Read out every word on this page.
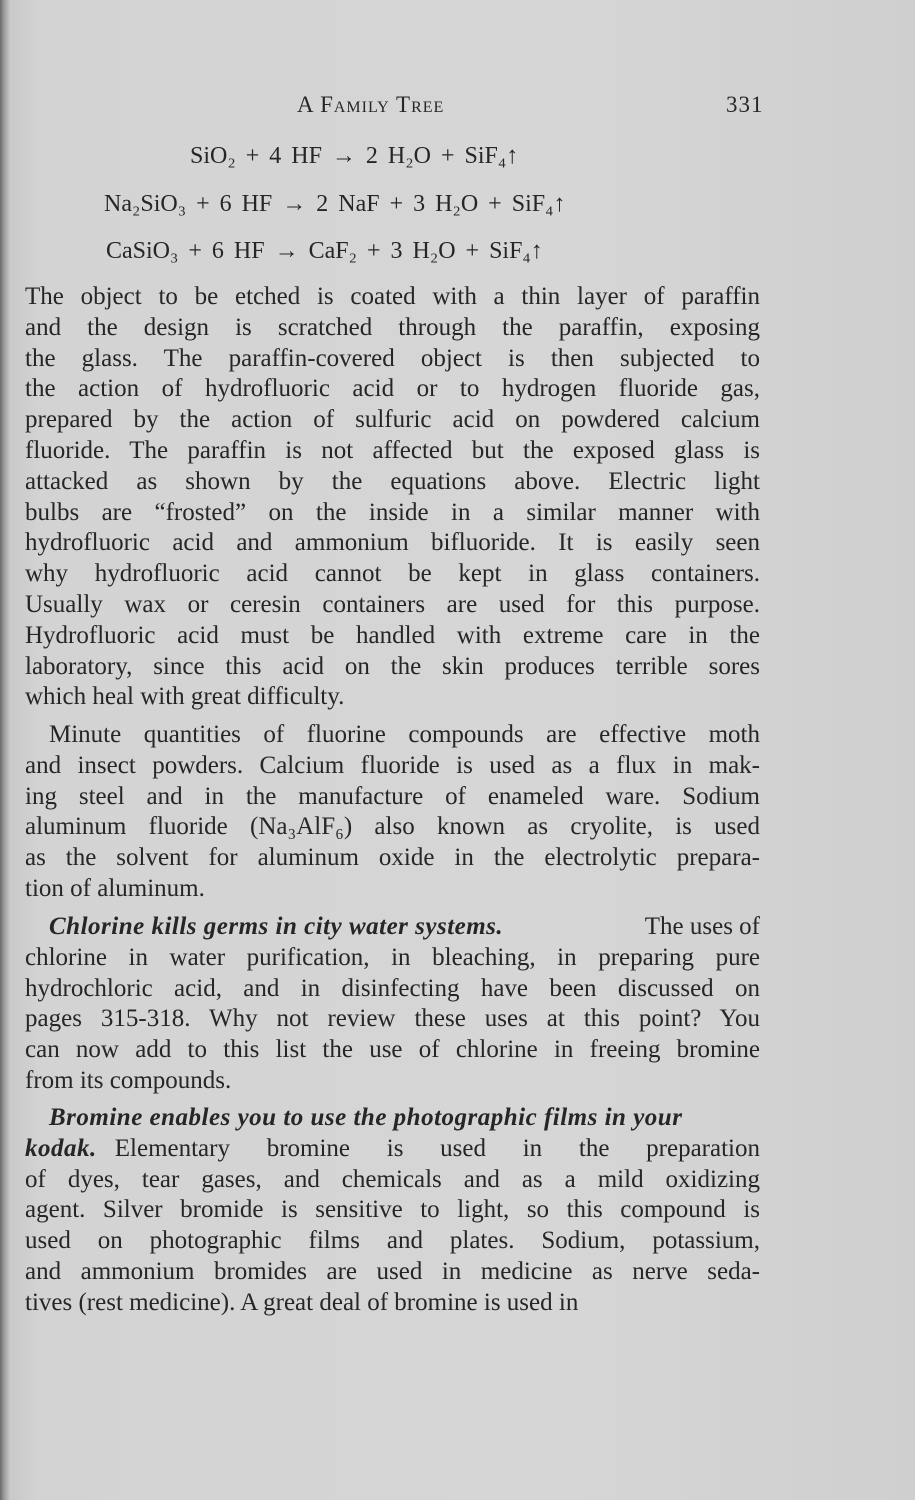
A Family Tree	331
SiO₂ + 4 HF → 2 H₂O + SiF₄↑
Na₂SiO₃ + 6 HF → 2 NaF + 3 H₂O + SiF₄↑
CaSiO₃ + 6 HF → CaF₂ + 3 H₂O + SiF₄↑
The object to be etched is coated with a thin layer of paraffin
and the design is scratched through the paraffin, exposing
the glass. The paraffin-covered object is then subjected to
the action of hydrofluoric acid or to hydrogen fluoride gas,
prepared by the action of sulfuric acid on powdered calcium
fluoride. The paraffin is not affected but the exposed glass is
attacked as shown by the equations above. Electric light
bulbs are “frosted” on the inside in a similar manner with
hydrofluoric acid and ammonium bifluoride. It is easily seen
why hydrofluoric acid cannot be kept in glass containers.
Usually wax or ceresin containers are used for this purpose.
Hydrofluoric acid must be handled with extreme care in the
laboratory, since this acid on the skin produces terrible sores
which heal with great difficulty.
Minute quantities of fluorine compounds are effective moth
and insect powders. Calcium fluoride is used as a flux in mak-
ing steel and in the manufacture of enameled ware. Sodium
aluminum fluoride (Na₃AlF₆) also known as cryolite, is used
as the solvent for aluminum oxide in the electrolytic prepara-
tion of aluminum.
Chlorine kills germs in city water systems.	The uses of
chlorine in water purification, in bleaching, in preparing pure
hydrochloric acid, and in disinfecting have been discussed on
pages 315-318. Why not review these uses at this point? You
can now add to this list the use of chlorine in freeing bromine
from its compounds.
Bromine enables you to use the photographic films in your
kodak. Elementary bromine is used in the preparation
of dyes, tear gases, and chemicals and as a mild oxidizing
agent. Silver bromide is sensitive to light, so this compound is
used on photographic films and plates. Sodium, potassium,
and ammonium bromides are used in medicine as nerve seda-
tives (rest medicine). A great deal of bromine is used in
